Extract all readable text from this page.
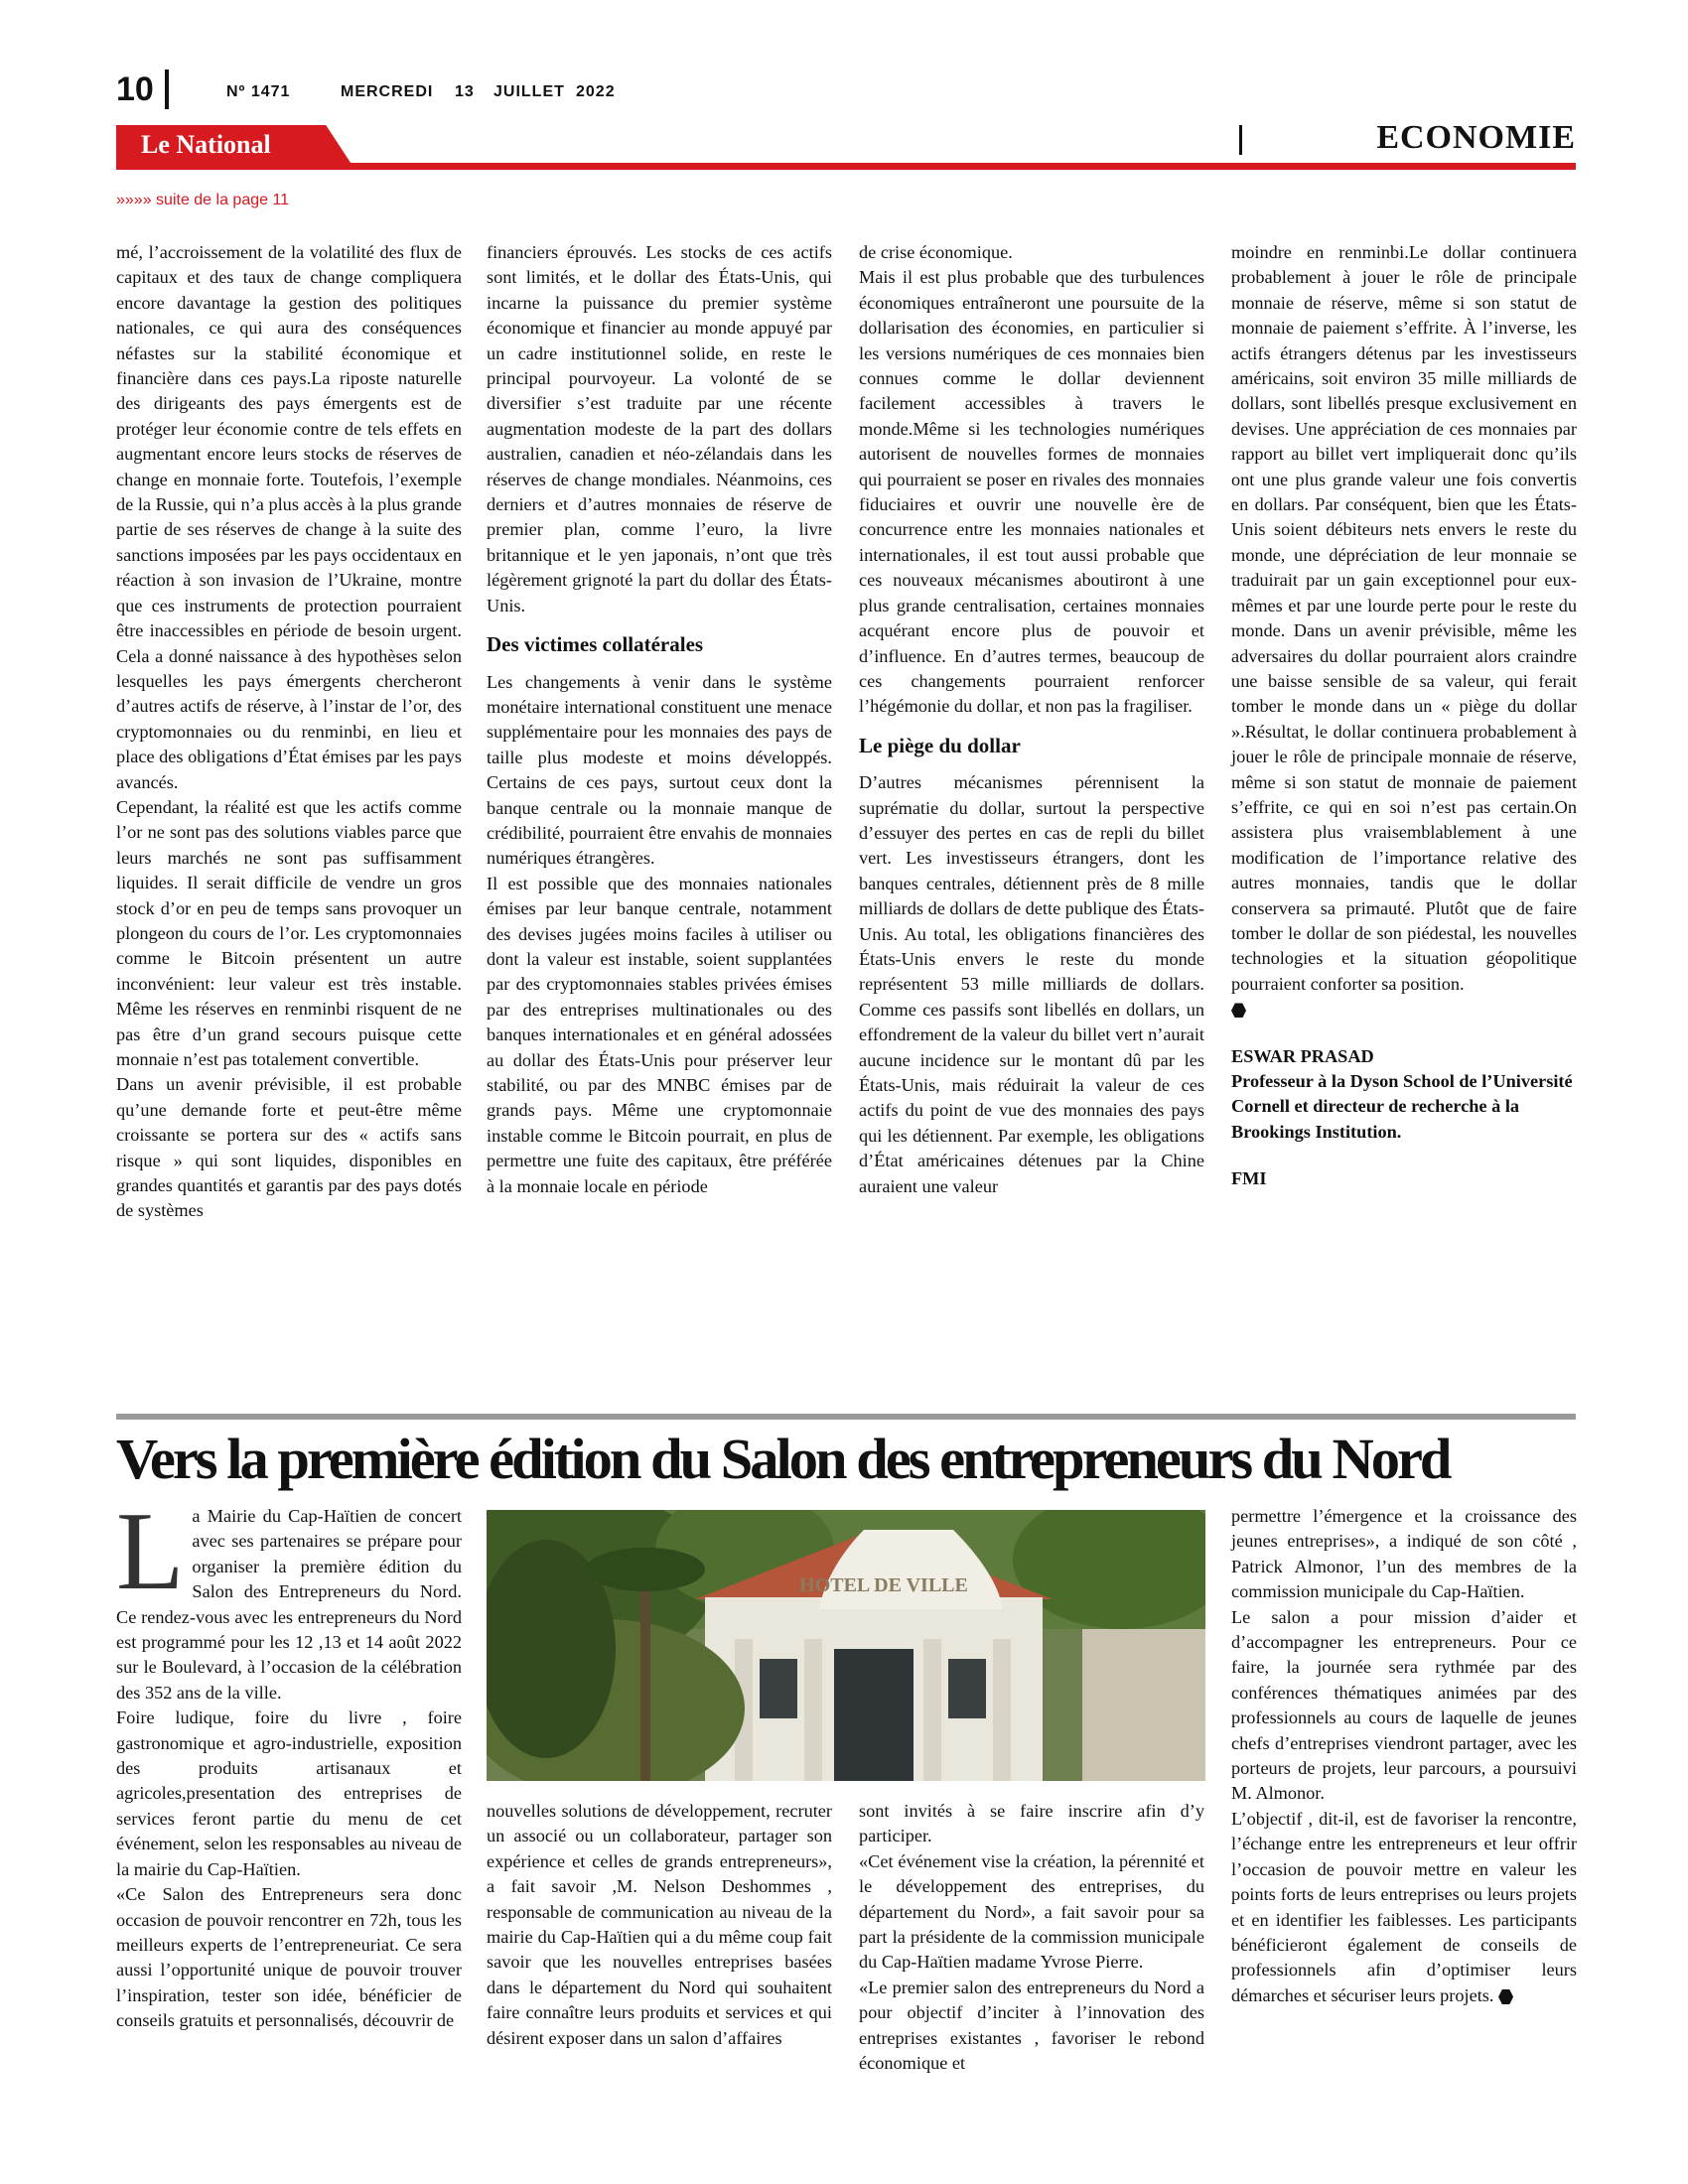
10	Nº 1471	MERCREDI 13 JUILLET 2022
Le National	ECONOMIE
»»»» suite de la page 11

mé, l’accroissement de la volatilité des flux de capitaux et des taux de change compliquera encore davantage la gestion des politiques nationales, ce qui aura des conséquences néfastes sur la stabilité économique et financière dans ces pays.La riposte naturelle des dirigeants des pays émergents est de protéger leur économie contre de tels effets en augmentant encore leurs stocks de réserves de change en monnaie forte. Toutefois, l’exemple de la Russie, qui n’a plus accès à la plus grande partie de ses réserves de change à la suite des sanctions imposées par les pays occidentaux en réaction à son invasion de l’Ukraine, montre que ces instruments de protection pourraient être inaccessibles en période de besoin urgent. Cela a donné naissance à des hypothèses selon lesquelles les pays émergents chercheront d’autres actifs de réserve, à l’instar de l’or, des cryptomonnaies ou du renminbi, en lieu et place des obligations d’État émises par les pays avancés.

Cependant, la réalité est que les actifs comme l’or ne sont pas des solutions viables parce que leurs marchés ne sont pas suffisamment liquides. Il serait difficile de vendre un gros stock d’or en peu de temps sans provoquer un plongeon du cours de l’or. Les cryptomonnaies comme le Bitcoin présentent un autre inconvénient: leur valeur est très instable. Même les réserves en renminbi risquent de ne pas être d’un grand secours puisque cette monnaie n’est pas totalement convertible.

Dans un avenir prévisible, il est probable qu’une demande forte et peut-être même croissante se portera sur des « actifs sans risque » qui sont liquides, disponibles en grandes quantités et garantis par des pays dotés de systèmes

financiers éprouvés. Les stocks de ces actifs sont limités, et le dollar des États-Unis, qui incarne la puissance du premier système économique et financier au monde appuyé par un cadre institutionnel solide, en reste le principal pourvoyeur. La volonté de se diversifier s’est traduite par une récente augmentation modeste de la part des dollars australien, canadien et néo-zélandais dans les réserves de change mondiales. Néanmoins, ces derniers et d’autres monnaies de réserve de premier plan, comme l’euro, la livre britannique et le yen japonais, n’ont que très légèrement grignoté la part du dollar des États-Unis.

Des victimes collatérales

Les changements à venir dans le système monétaire international constituent une menace supplémentaire pour les monnaies des pays de taille plus modeste et moins développés. Certains de ces pays, surtout ceux dont la banque centrale ou la monnaie manque de crédibilité, pourraient être envahis de monnaies numériques étrangères.

Il est possible que des monnaies nationales émises par leur banque centrale, notamment des devises jugées moins faciles à utiliser ou dont la valeur est instable, soient supplantées par des cryptomonnaies stables privées émises par des entreprises multinationales ou des banques internationales et en général adossées au dollar des États-Unis pour préserver leur stabilité, ou par des MNBC émises par de grands pays. Même une cryptomonnaie instable comme le Bitcoin pourrait, en plus de permettre une fuite des capitaux, être préférée à la monnaie locale en période

de crise économique.

Mais il est plus probable que des turbulences économiques entraîneront une poursuite de la dollarisation des économies, en particulier si les versions numériques de ces monnaies bien connues comme le dollar deviennent facilement accessibles à travers le monde.Même si les technologies numériques autorisent de nouvelles formes de monnaies qui pourraient se poser en rivales des monnaies fiduciaires et ouvrir une nouvelle ère de concurrence entre les monnaies nationales et internationales, il est tout aussi probable que ces nouveaux mécanismes aboutiront à une plus grande centralisation, certaines monnaies acquérant encore plus de pouvoir et d’influence. En d’autres termes, beaucoup de ces changements pourraient renforcer l’hégémonie du dollar, et non pas la fragiliser.

Le piège du dollar

D’autres mécanismes pérennisent la suprématie du dollar, surtout la perspective d’essuyer des pertes en cas de repli du billet vert. Les investisseurs étrangers, dont les banques centrales, détiennent près de 8 mille milliards de dollars de dette publique des États-Unis. Au total, les obligations financières des États-Unis envers le reste du monde représentent 53 mille milliards de dollars. Comme ces passifs sont libellés en dollars, un effondrement de la valeur du billet vert n’aurait aucune incidence sur le montant dû par les États-Unis, mais réduirait la valeur de ces actifs du point de vue des monnaies des pays qui les détiennent. Par exemple, les obligations d’État américaines détenues par la Chine auraient une valeur

moindre en renminbi.Le dollar continuera probablement à jouer le rôle de principale monnaie de réserve, même si son statut de monnaie de paiement s’effrite. À l’inverse, les actifs étrangers détenus par les investisseurs américains, soit environ 35 mille milliards de dollars, sont libellés presque exclusivement en devises. Une appréciation de ces monnaies par rapport au billet vert impliquerait donc qu’ils ont une plus grande valeur une fois convertis en dollars. Par conséquent, bien que les États-Unis soient débiteurs nets envers le reste du monde, une dépréciation de leur monnaie se traduirait par un gain exceptionnel pour eux-mêmes et par une lourde perte pour le reste du monde. Dans un avenir prévisible, même les adversaires du dollar pourraient alors craindre une baisse sensible de sa valeur, qui ferait tomber le monde dans un « piège du dollar ».Résultat, le dollar continuera probablement à jouer le rôle de principale monnaie de réserve, même si son statut de monnaie de paiement s’effrite, ce qui en soi n’est pas certain.On assistera plus vraisemblablement à une modification de l’importance relative des autres monnaies, tandis que le dollar conservera sa primauté. Plutôt que de faire tomber le dollar de son piédestal, les nouvelles technologies et la situation géopolitique pourraient conforter sa position.

ESWAR PRASAD

Professeur à la Dyson School de l’Université Cornell et directeur de recherche à la Brookings Institution.

FMI

Vers la première édition du Salon des entrepreneurs du Nord

La Mairie du Cap-Haïtien de concert avec ses partenaires se prépare pour organiser la première édition du Salon des Entrepreneurs du Nord. Ce rendez-vous avec les entrepreneurs du Nord est programmé pour les 12 ,13 et 14 août 2022 sur le Boulevard, à l’occasion de la célébration des 352 ans de la ville.

Foire ludique, foire du livre , foire gastronomique et agro-industrielle, exposition des produits artisanaux et agricoles,presentation des entreprises de services feront partie du menu de cet événement, selon les responsables au niveau de la mairie du Cap-Haïtien.

«Ce Salon des Entrepreneurs sera donc occasion de pouvoir rencontrer en 72h, tous les meilleurs experts de l’entrepreneuriat. Ce sera aussi l’opportunité unique de pouvoir trouver l’inspiration, tester son idée, bénéficier de conseils gratuits et personnalisés, découvrir de

HOTEL DE VILLE

nouvelles solutions de développement, recruter un associé ou un collaborateur, partager son expérience et celles de grands entrepreneurs», a fait savoir ,M. Nelson Deshommes , responsable de communication au niveau de la mairie du Cap-Haïtien qui a du même coup fait savoir que les nouvelles entreprises basées dans le département du Nord qui souhaitent faire connaître leurs produits et services et qui désirent exposer dans un salon d’affaires

sont invités à se faire inscrire afin d’y participer.

«Cet événement vise la création, la pérennité et le développement des entreprises, du département du Nord», a fait savoir pour sa part la présidente de la commission municipale du Cap-Haïtien madame Yvrose Pierre.

«Le premier salon des entrepreneurs du Nord a pour objectif d’inciter à l’innovation des entreprises existantes , favoriser le rebond économique et

permettre l’émergence et la croissance des jeunes entreprises», a indiqué de son côté , Patrick Almonor, l’un des membres de la commission municipale du Cap-Haïtien.

Le salon a pour mission d’aider et d’accompagner les entrepreneurs. Pour ce faire, la journée sera rythmée par des conférences thématiques animées par des professionnels au cours de laquelle de jeunes chefs d’entreprises viendront partager, avec les porteurs de projets, leur parcours, a poursuivi M. Almonor.

L’objectif , dit-il, est de favoriser la rencontre, l’échange entre les entrepreneurs et leur offrir l’occasion de pouvoir mettre en valeur les points forts de leurs entreprises ou leurs projets et en identifier les faiblesses. Les participants bénéficieront également de conseils de professionnels afin d’optimiser leurs démarches et sécuriser leurs projets.
